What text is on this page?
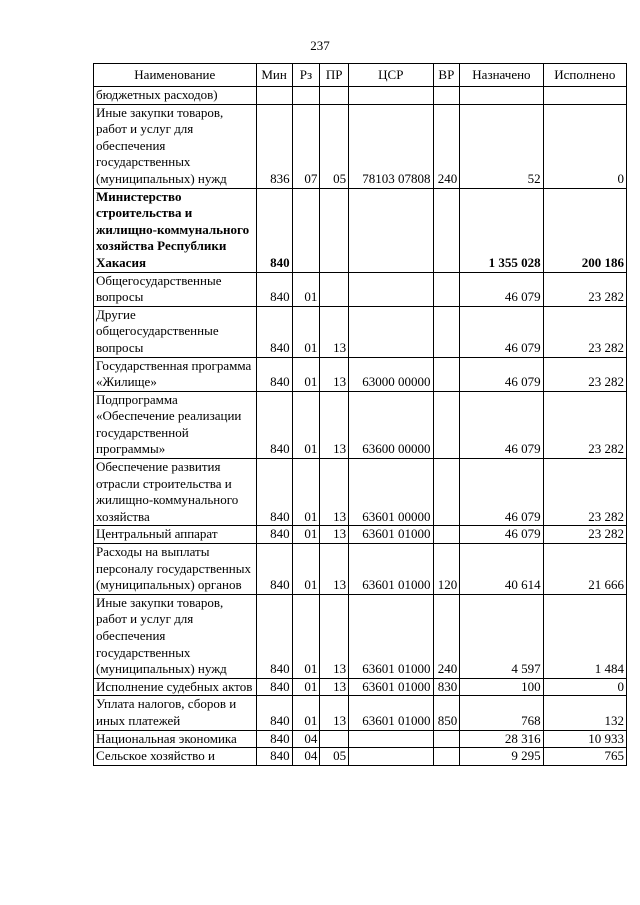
237
Наименование	Мин	Рз	ПР	ЦСР	ВР	Назначено	Исполнено
бюджетных расходов)							
Иные закупки товаров, работ и услуг для обеспечения государственных (муниципальных) нужд	836	07	05	78103 07808	240	52	0
Министерство строительства и жилищно-коммунального хозяйства Республики Хакасия	840					1 355 028	200 186
Общегосударственные вопросы	840	01				46 079	23 282
Другие общегосударственные вопросы	840	01	13			46 079	23 282
Государственная программа «Жилище»	840	01	13	63000 00000		46 079	23 282
Подпрограмма «Обеспечение реализации государственной программы»	840	01	13	63600 00000		46 079	23 282
Обеспечение развития отрасли строительства и жилищно-коммунального хозяйства	840	01	13	63601 00000		46 079	23 282
Центральный аппарат	840	01	13	63601 01000		46 079	23 282
Расходы на выплаты персоналу государственных (муниципальных) органов	840	01	13	63601 01000	120	40 614	21 666
Иные закупки товаров, работ и услуг для обеспечения государственных (муниципальных) нужд	840	01	13	63601 01000	240	4 597	1 484
Исполнение судебных актов	840	01	13	63601 01000	830	100	0
Уплата налогов, сборов и иных платежей	840	01	13	63601 01000	850	768	132
Национальная экономика	840	04				28 316	10 933
Сельское хозяйство и	840	04	05			9 295	765
